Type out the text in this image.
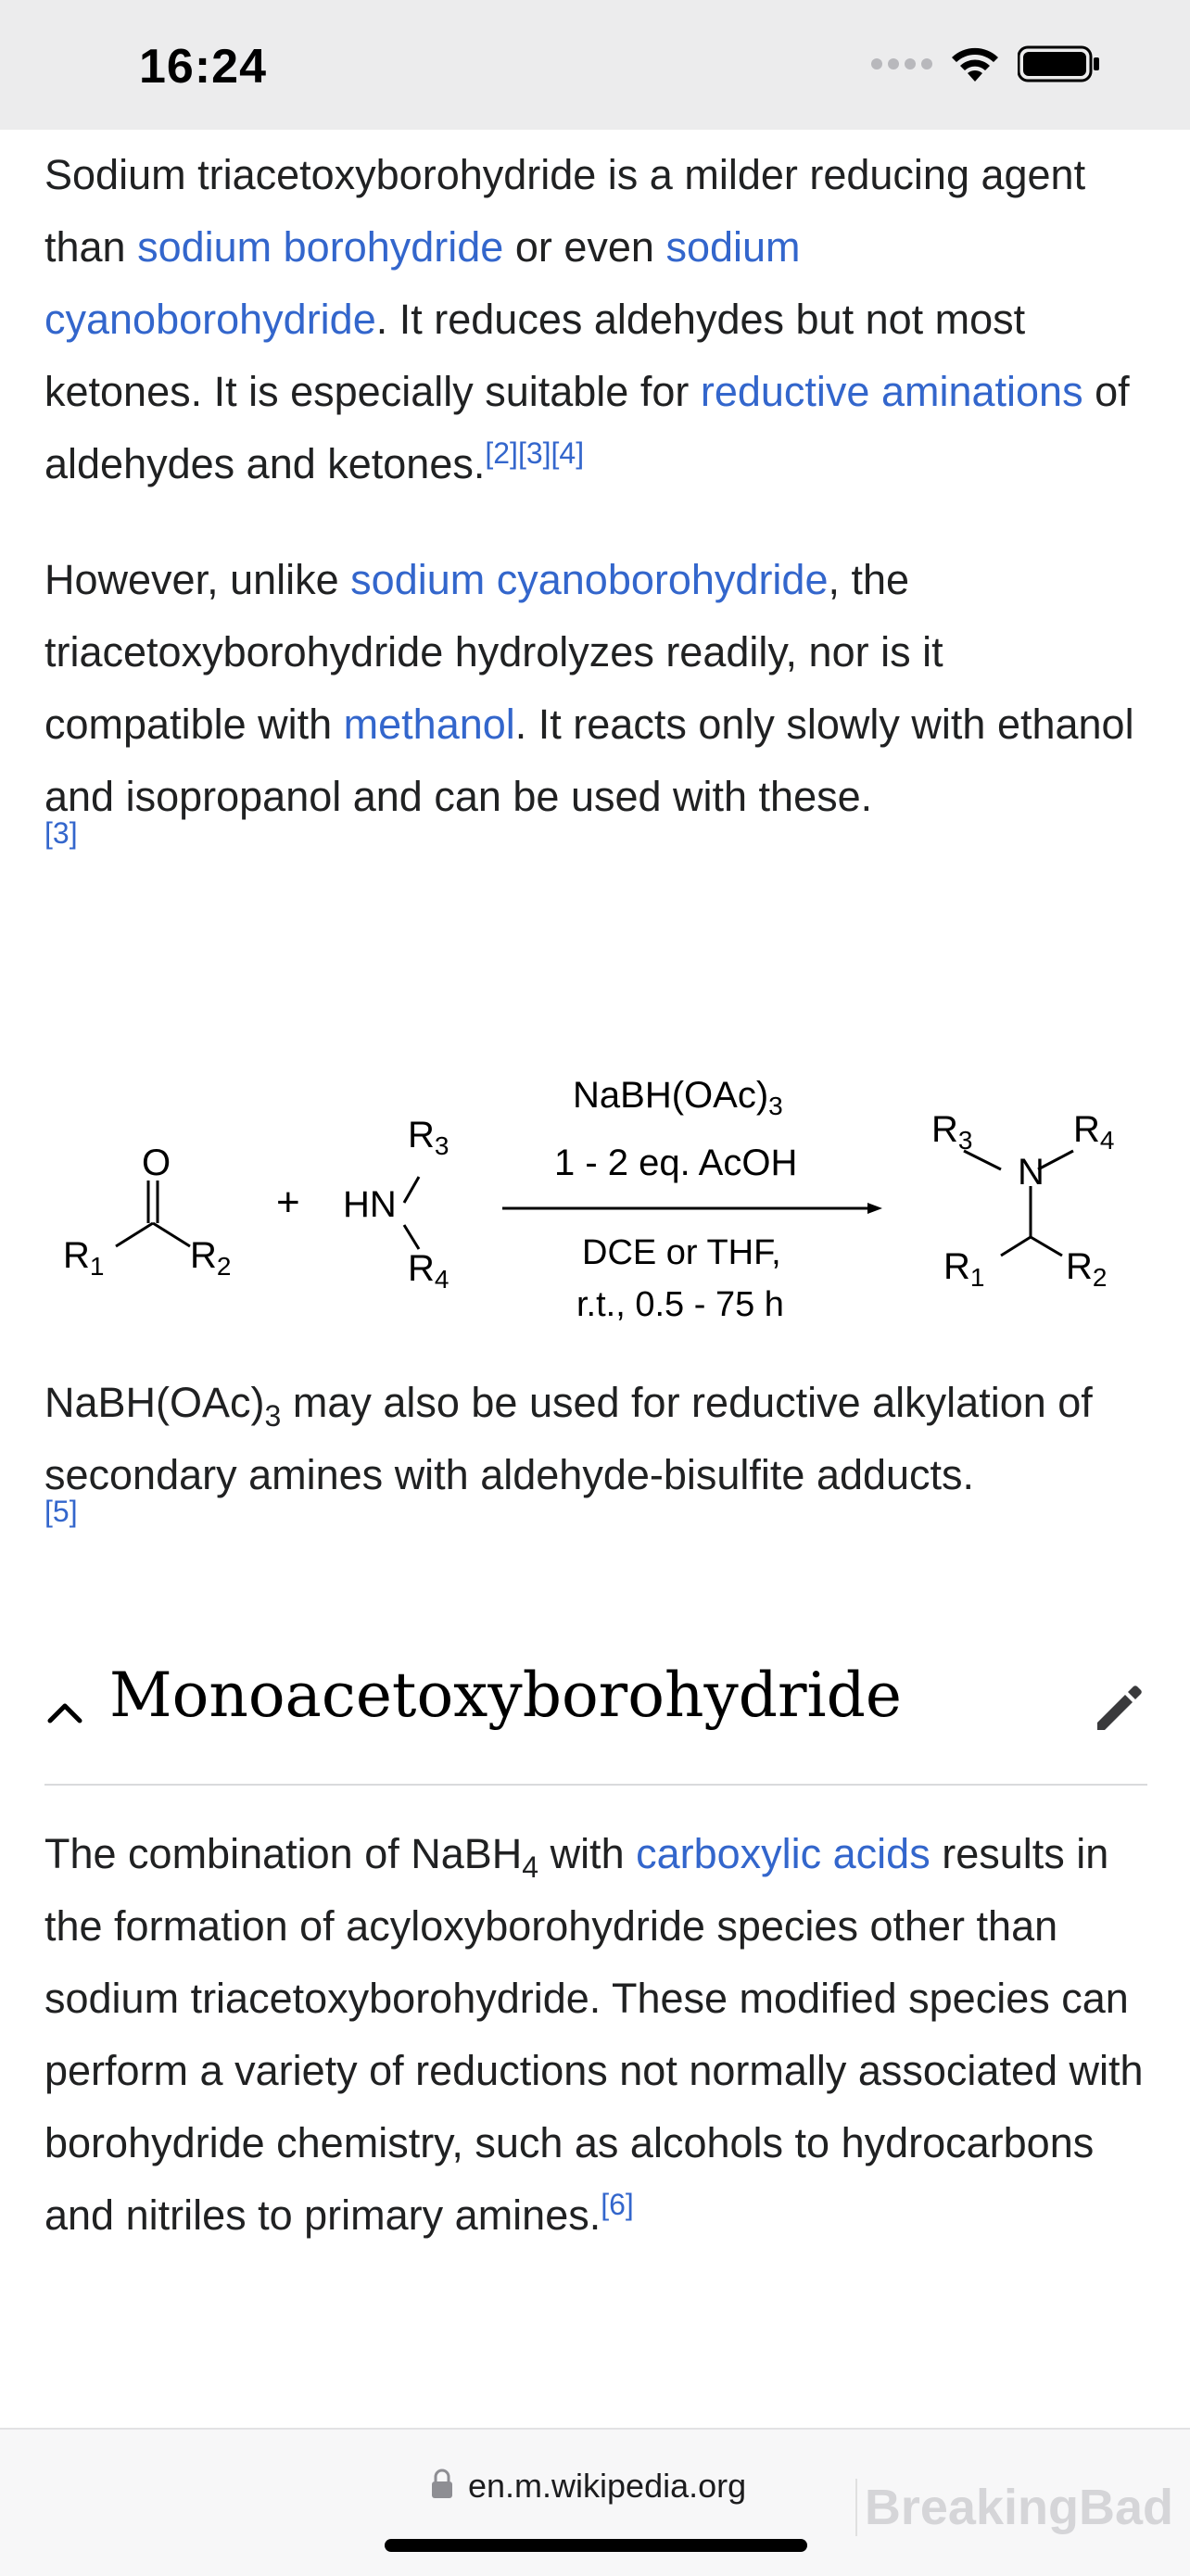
16:24

Sodium triacetoxyborohydride is a milder reducing agent than sodium borohydride or even sodium cyanoborohydride. It reduces aldehydes but not most ketones. It is especially suitable for reductive aminations of aldehydes and ketones.[2][3][4]

However, unlike sodium cyanoborohydride, the triacetoxyborohydride hydrolyzes readily, nor is it compatible with methanol. It reacts only slowly with ethanol and isopropanol and can be used with these.
[3]

O
$R_1$ $R_2$
+ HN
$R_3$
$R_4$
$NaBH(OAc)_3$
1 - 2 eq. AcOH
DCE or THF,
r.t., 0.5 - 75 h
$R_3$	$R_4$
N
$R_1$ $R_2$

$NaBH(OAc)_3$ may also be used for reductive alkylation of secondary amines with aldehyde-bisulfite adducts.
[5]

Monoacetoxyborohydride

The combination of NaBH$_4$ with carboxylic acids results in the formation of acyloxyborohydride species other than sodium triacetoxyborohydride. These modified species can perform a variety of reductions not normally associated with borohydride chemistry, such as alcohols to hydrocarbons and nitriles to primary amines.[6]

en.m.wikipedia.org BreakingBad
